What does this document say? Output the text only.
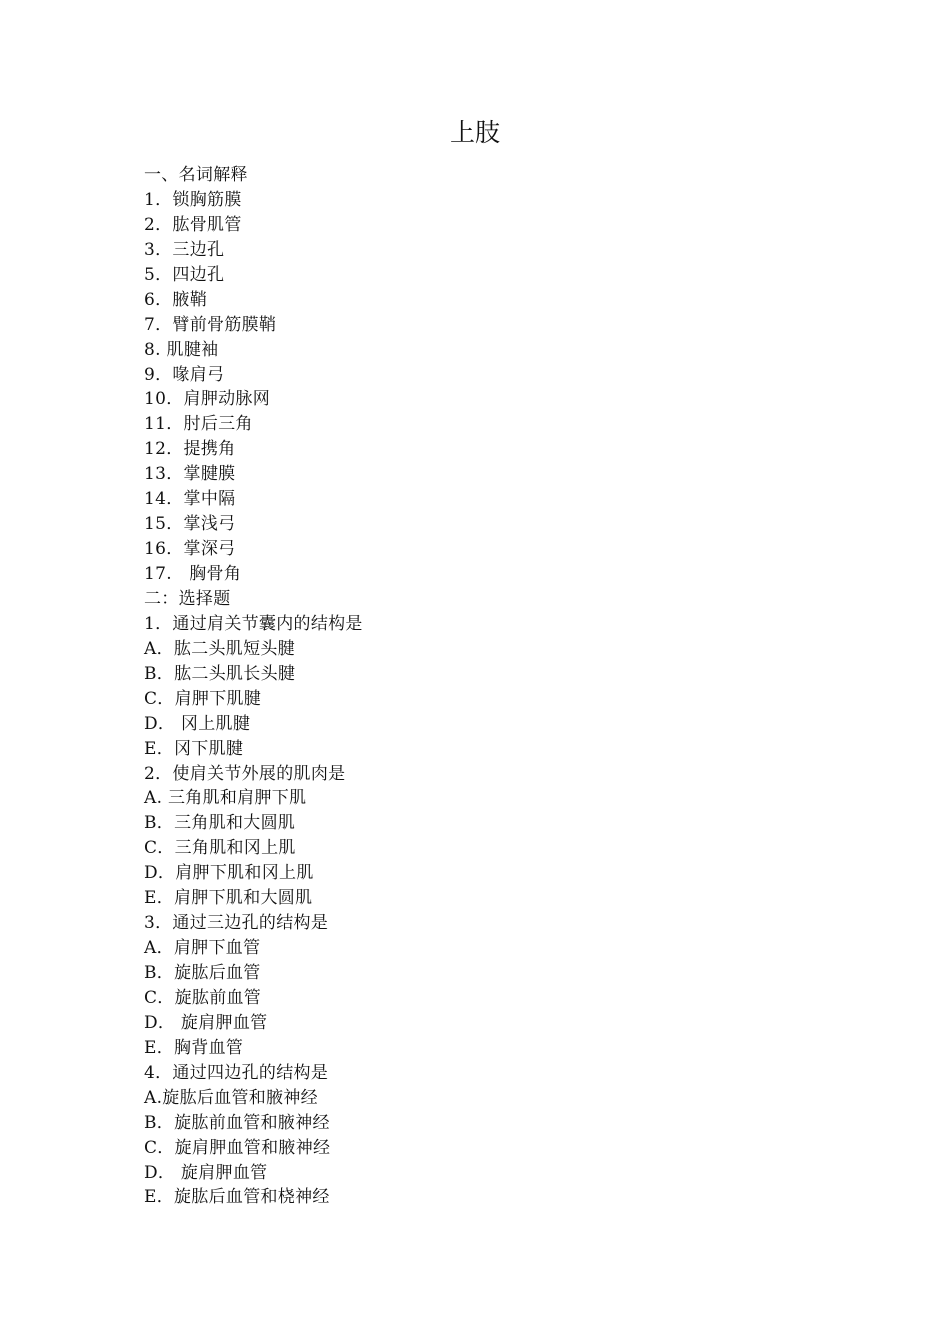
上肢
一、名词解释
1．锁胸筋膜
2．肱骨肌管
3．三边孔
5．四边孔
6．腋鞘
7．臂前骨筋膜鞘
8. 肌腱袖
9．喙肩弓
10．肩胛动脉网
11．肘后三角
12．提携角
13．掌腱膜
14．掌中隔
15．掌浅弓
16．掌深弓
17.　胸骨角
二：选择题
1．通过肩关节囊内的结构是
A．肱二头肌短头腱
B．肱二头肌长头腱
C．肩胛下肌腱
D． 冈上肌腱
E．冈下肌腱
2．使肩关节外展的肌肉是
A. 三角肌和肩胛下肌
B．三角肌和大圆肌
C．三角肌和冈上肌
D．肩胛下肌和冈上肌
E．肩胛下肌和大圆肌
3．通过三边孔的结构是
A．肩胛下血管
B．旋肱后血管
C．旋肱前血管
D． 旋肩胛血管
E．胸背血管
4．通过四边孔的结构是
A.旋肱后血管和腋神经
B．旋肱前血管和腋神经
C．旋肩胛血管和腋神经
D． 旋肩胛血管
E．旋肱后血管和桡神经
